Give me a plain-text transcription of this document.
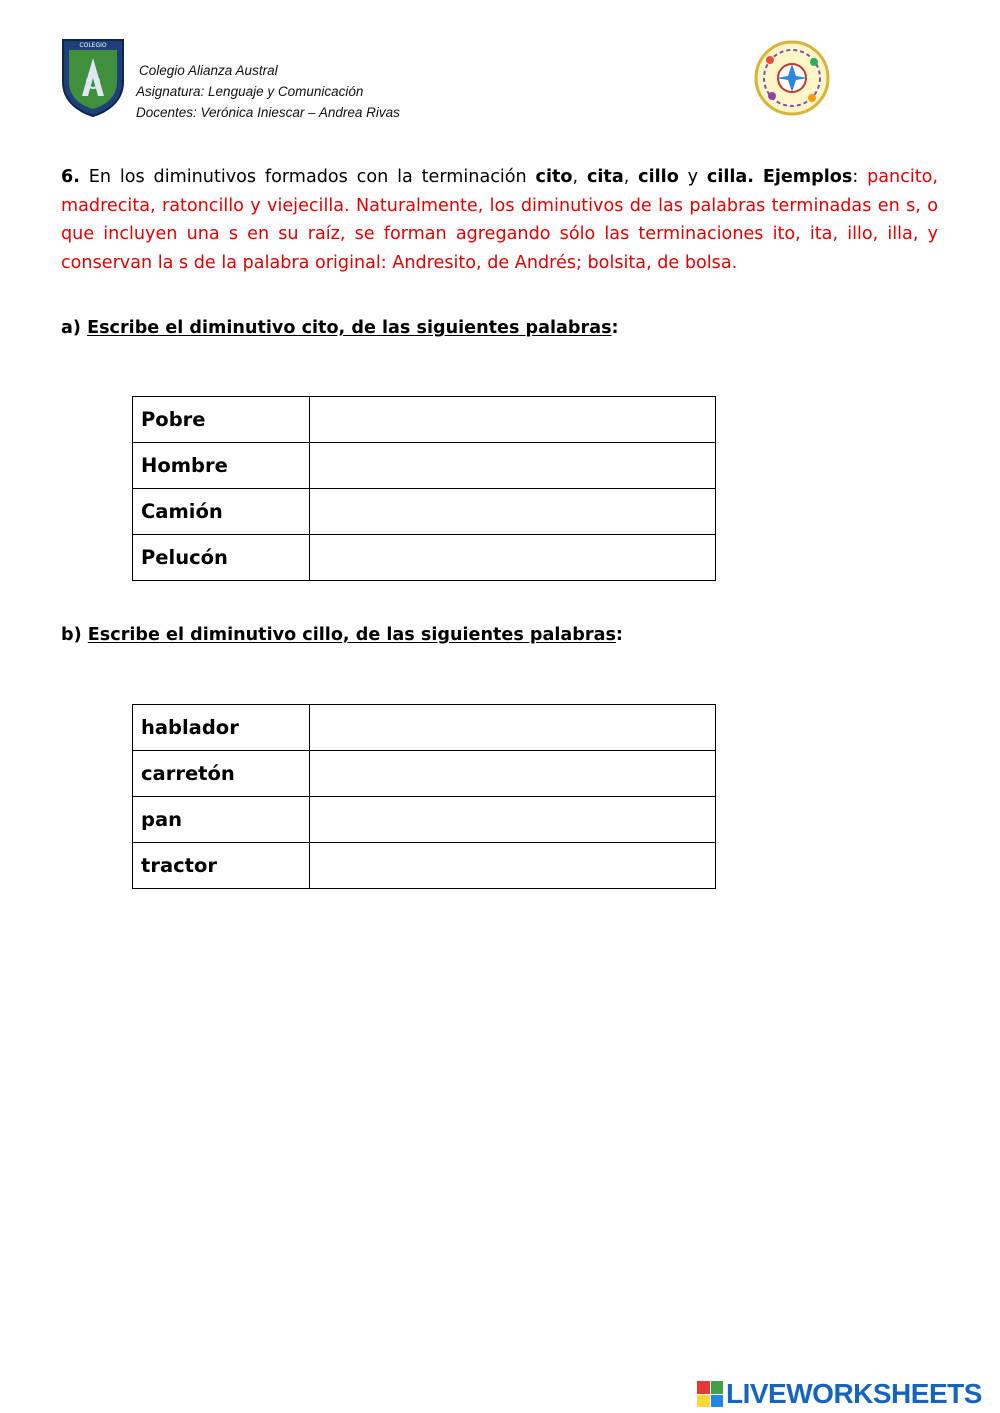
COLEGIO
Colegio Alianza Austral
Asignatura: Lenguaje y Comunicación
Docentes: Verónica Iniescar – Andrea Rivas
6. En los diminutivos formados con la terminación cito, cita, cillo y cilla. Ejemplos: pancito, madrecita, ratoncillo y viejecilla. Naturalmente, los diminutivos de las palabras terminadas en s, o que incluyen una s en su raíz, se forman agregando sólo las terminaciones ito, ita, illo, illa, y conservan la s de la palabra original: Andresito, de Andrés; bolsita, de bolsa.
a) Escribe el diminutivo cito, de las siguientes palabras:
Pobre	
Hombre	
Camión	
Pelucón	
b) Escribe el diminutivo cillo, de las siguientes palabras:
hablador	
carretón	
pan	
tractor	
LIVEWORKSHEETS
